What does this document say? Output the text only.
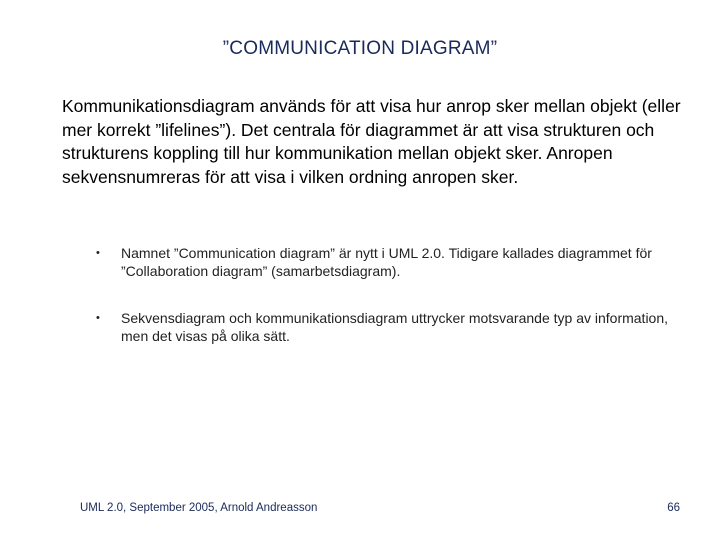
”COMMUNICATION DIAGRAM”
Kommunikationsdiagram används för att visa hur anrop sker mellan objekt (eller mer korrekt ”lifelines”). Det centrala för diagrammet är att visa strukturen och strukturens koppling till hur kommunikation mellan objekt sker. Anropen sekvensnumreras för att visa i vilken ordning anropen sker.
• Namnet ”Communication diagram” är nytt i UML 2.0. Tidigare kallades diagrammet för ”Collaboration diagram” (samarbetsdiagram).
• Sekvensdiagram och kommunikationsdiagram uttrycker motsvarande typ av information, men det visas på olika sätt.
UML 2.0, September 2005, Arnold Andreasson	66
